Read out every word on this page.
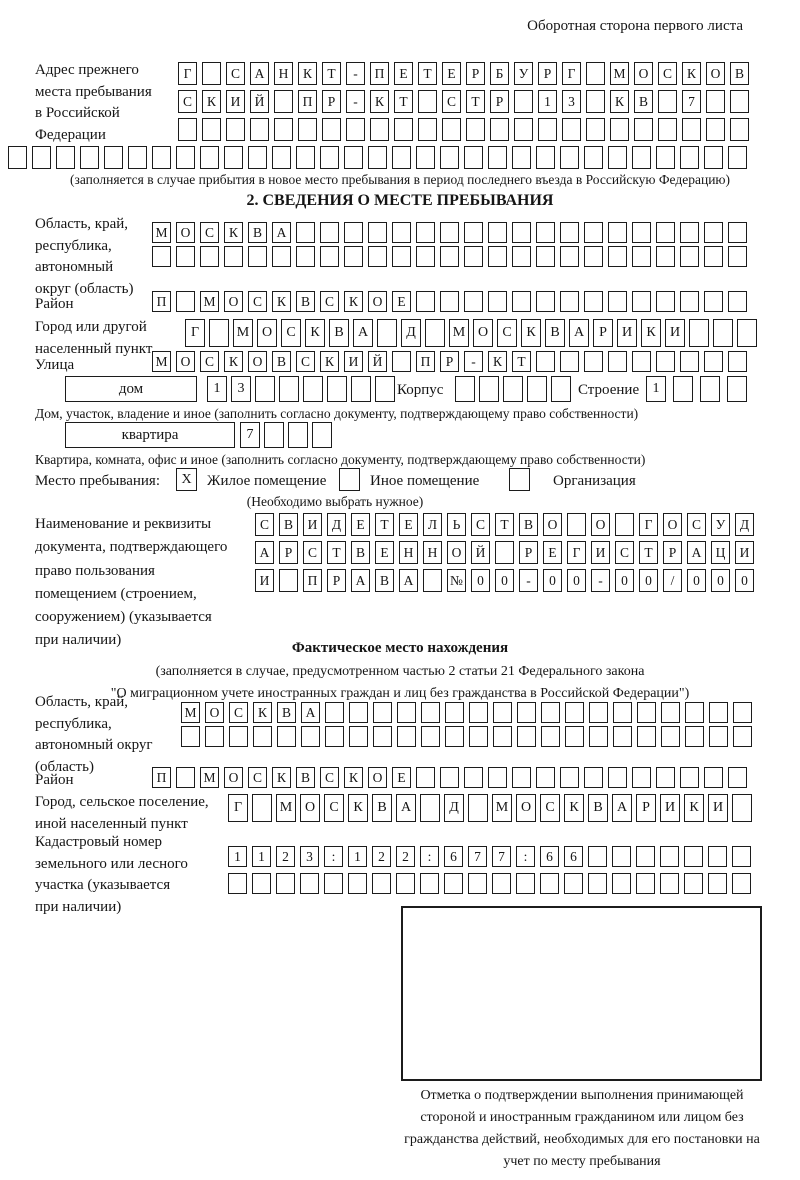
Оборотная сторона первого листа
Адрес прежнего
места пребывания
в Российской
Федерации
Г	С	А	Н	К	Т	-	П	Е	Т	Е	Р	Б	У	Р	Г	М О	С	К	О	В
С	К	И	Й	П	Р	-	К	Т	С	Т	Р	1	3	К	В	7
(заполняется в случае прибытия в новое место пребывания в период последнего въезда в Российскую Федерацию)
2. СВЕДЕНИЯ О МЕСТЕ ПРЕБЫВАНИЯ
Область, край,
республика,
автономный
округ (область)
М О	С	К	В	А
Район	П	М О	С	К	В	С	К	О	Е
Город или другой
населенный пункт
Г	М О	С	К	В	А	Д	М О	С	К	В	А	Р	И	К	И
Улица	М О	С	К	О	В	С	К	И	Й	П	Р	-	К	Т
дом	1	3	Корпус	Строение 1
Дом, участок, владение и иное (заполнить согласно документу, подтверждающему право собственности)
квартира	7
Квартира, комната, офис и иное (заполнить согласно документу, подтверждающему право собственности)
Место пребывания:	X	Жилое помещение	Иное помещение	Организация
(Необходимо выбрать нужное)
Наименование и реквизиты
документа, подтверждающего
право пользования
помещением (строением,
сооружением) (указывается
при наличии)
С	В	И	Д	Е	Т	Е	Л	Ь	С	Т	В	О	О	Г	О	С	У	Д
А	Р	С	Т	В	Е	Н	Н	О	Й	Р	Е	Г	И	С	Т	Р	А	Ц	И
И	П	Р	А	В	А	№	0	0	-	0	0	-	0	0	/	0	0	0
Фактическое место нахождения
(заполняется в случае, предусмотренном частью 2 статьи 21 Федерального закона
"О миграционном учете иностранных граждан и лиц без гражданства в Российской Федерации")
Область, край,
республика,
автономный округ
(область)
М О	С	К	В	А
Район	П	М О	С	К	В	С	К	О	Е
Город, сельское поселение,
иной населенный пункт
Г	М О	С	К	В	А	Д	М О	С	К	В	А	Р	И	К	И
Кадастровый номер
земельного или лесного
участка (указывается
при наличии)
1	1	2	3	:	1	2	2	:	6	7	7	:	6	6
Отметка о подтверждении выполнения принимающей стороной и иностранным гражданином или лицом без гражданства действий, необходимых для его постановки на учет по месту пребывания
